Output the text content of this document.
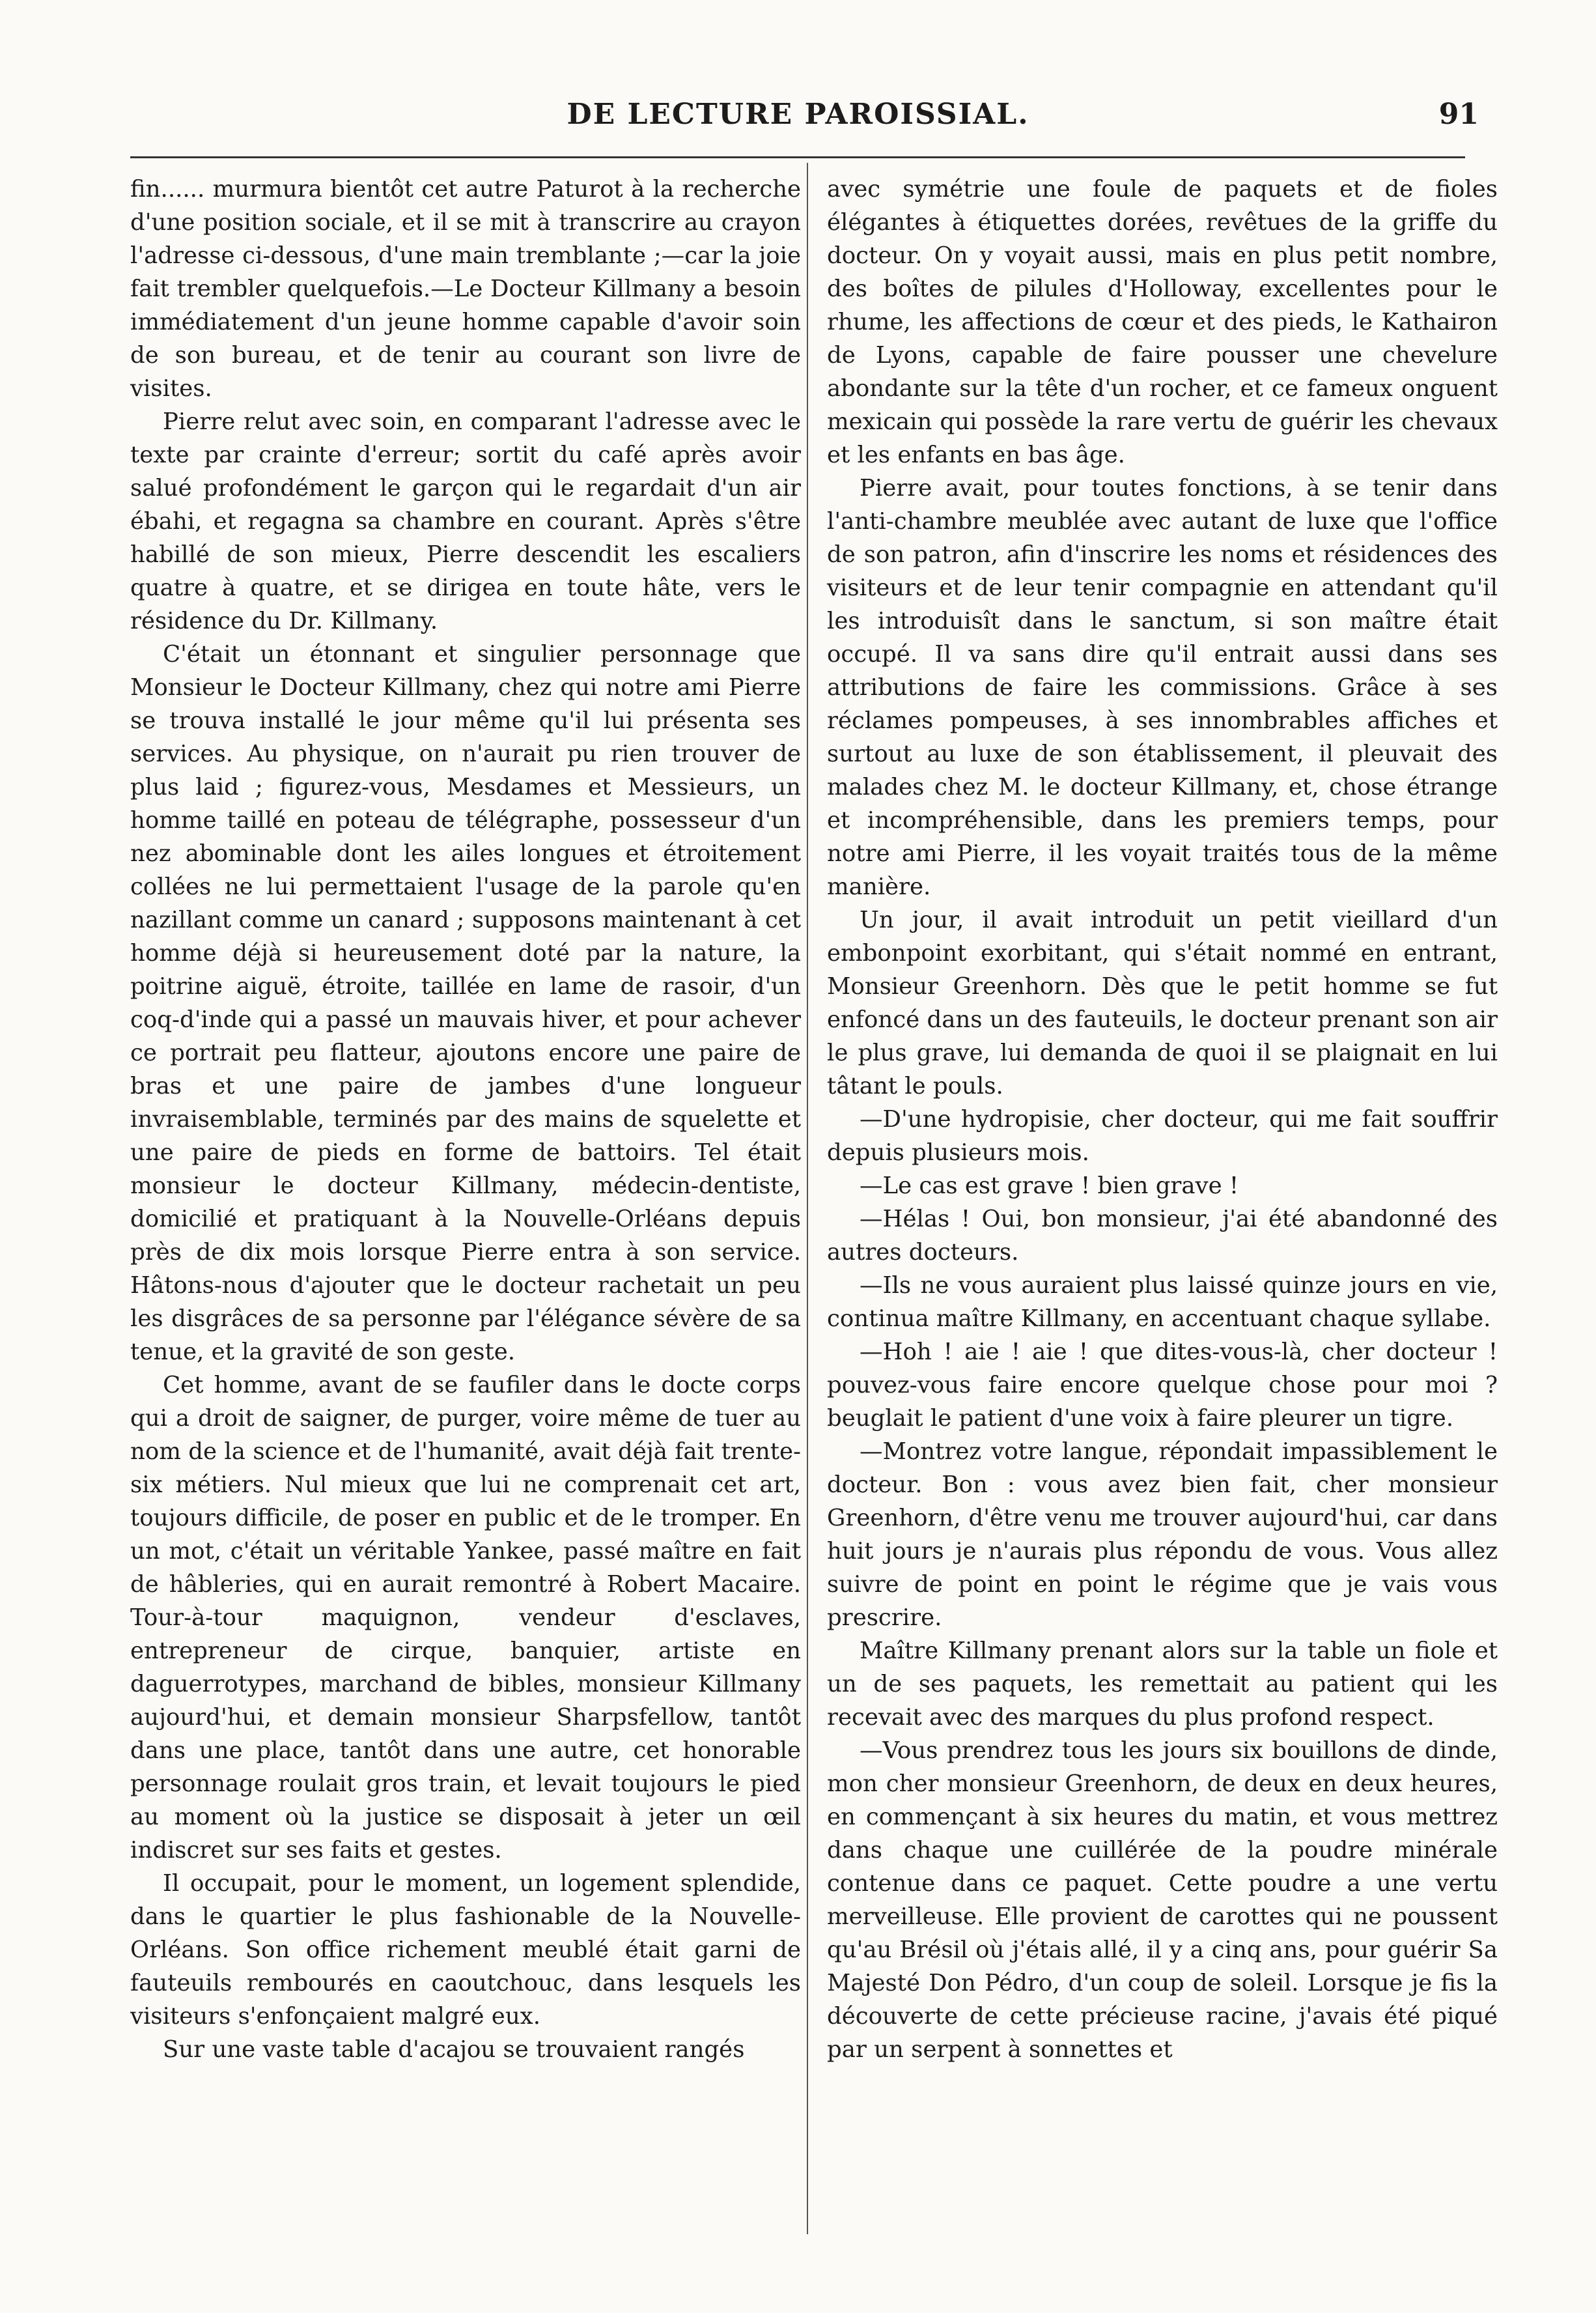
DE LECTURE PAROISSIAL.	91

fin...... murmura bientôt cet autre Paturot à la recherche d'une position sociale, et il se mit à transcrire au crayon l'adresse ci-dessous, d'une main tremblante ;—car la joie fait trembler quelquefois.—Le Docteur Killmany a besoin immédiatement d'un jeune homme capable d'avoir soin de son bureau, et de tenir au courant son livre de visites.

Pierre relut avec soin, en comparant l'adresse avec le texte par crainte d'erreur; sortit du café après avoir salué profondément le garçon qui le regardait d'un air ébahi, et regagna sa chambre en courant. Après s'être habillé de son mieux, Pierre descendit les escaliers quatre à quatre, et se dirigea en toute hâte, vers le résidence du Dr. Killmany.

C'était un étonnant et singulier personnage que Monsieur le Docteur Killmany, chez qui notre ami Pierre se trouva installé le jour même qu'il lui présenta ses services. Au physique, on n'aurait pu rien trouver de plus laid ; figurez-vous, Mesdames et Messieurs, un homme taillé en poteau de télégraphe, possesseur d'un nez abominable dont les ailes longues et étroitement collées ne lui permettaient l'usage de la parole qu'en nazillant comme un canard ; supposons maintenant à cet homme déjà si heureusement doté par la nature, la poitrine aiguë, étroite, taillée en lame de rasoir, d'un coq-d'inde qui a passé un mauvais hiver, et pour achever ce portrait peu flatteur, ajoutons encore une paire de bras et une paire de jambes d'une longueur invraisemblable, terminés par des mains de squelette et une paire de pieds en forme de battoirs. Tel était monsieur le docteur Killmany, médecin-dentiste, domicilié et pratiquant à la Nouvelle-Orléans depuis près de dix mois lorsque Pierre entra à son service. Hâtons-nous d'ajouter que le docteur rachetait un peu les disgrâces de sa personne par l'élégance sévère de sa tenue, et la gravité de son geste.

Cet homme, avant de se faufiler dans le docte corps qui a droit de saigner, de purger, voire même de tuer au nom de la science et de l'humanité, avait déjà fait trente-six métiers. Nul mieux que lui ne comprenait cet art, toujours difficile, de poser en public et de le tromper. En un mot, c'était un véritable Yankee, passé maître en fait de hâbleries, qui en aurait remontré à Robert Macaire. Tour-à-tour maquignon, vendeur d'esclaves, entrepreneur de cirque, banquier, artiste en daguerrotypes, marchand de bibles, monsieur Killmany aujourd'hui, et demain monsieur Sharpsfellow, tantôt dans une place, tantôt dans une autre, cet honorable personnage roulait gros train, et levait toujours le pied au moment où la justice se disposait à jeter un œil indiscret sur ses faits et gestes.

Il occupait, pour le moment, un logement splendide, dans le quartier le plus fashionable de la Nouvelle-Orléans. Son office richement meublé était garni de fauteuils rembourés en caoutchouc, dans lesquels les visiteurs s'enfonçaient malgré eux.

Sur une vaste table d'acajou se trouvaient rangés

avec symétrie une foule de paquets et de fioles élégantes à étiquettes dorées, revêtues de la griffe du docteur. On y voyait aussi, mais en plus petit nombre, des boîtes de pilules d'Holloway, excellentes pour le rhume, les affections de cœur et des pieds, le Kathairon de Lyons, capable de faire pousser une chevelure abondante sur la tête d'un rocher, et ce fameux onguent mexicain qui possède la rare vertu de guérir les chevaux et les enfants en bas âge.

Pierre avait, pour toutes fonctions, à se tenir dans l'anti-chambre meublée avec autant de luxe que l'office de son patron, afin d'inscrire les noms et résidences des visiteurs et de leur tenir compagnie en attendant qu'il les introduisît dans le sanctum, si son maître était occupé. Il va sans dire qu'il entrait aussi dans ses attributions de faire les commissions. Grâce à ses réclames pompeuses, à ses innombrables affiches et surtout au luxe de son établissement, il pleuvait des malades chez M. le docteur Killmany, et, chose étrange et incompréhensible, dans les premiers temps, pour notre ami Pierre, il les voyait traités tous de la même manière.

Un jour, il avait introduit un petit vieillard d'un embonpoint exorbitant, qui s'était nommé en entrant, Monsieur Greenhorn. Dès que le petit homme se fut enfoncé dans un des fauteuils, le docteur prenant son air le plus grave, lui demanda de quoi il se plaignait en lui tâtant le pouls.

—D'une hydropisie, cher docteur, qui me fait souffrir depuis plusieurs mois.

—Le cas est grave ! bien grave !

—Hélas ! Oui, bon monsieur, j'ai été abandonné des autres docteurs.

—Ils ne vous auraient plus laissé quinze jours en vie, continua maître Killmany, en accentuant chaque syllabe.

—Hoh ! aie ! aie ! que dites-vous-là, cher docteur ! pouvez-vous faire encore quelque chose pour moi ? beuglait le patient d'une voix à faire pleurer un tigre.

—Montrez votre langue, répondait impassiblement le docteur. Bon : vous avez bien fait, cher monsieur Greenhorn, d'être venu me trouver aujourd'hui, car dans huit jours je n'aurais plus répondu de vous. Vous allez suivre de point en point le régime que je vais vous prescrire.

Maître Killmany prenant alors sur la table un fiole et un de ses paquets, les remettait au patient qui les recevait avec des marques du plus profond respect.

—Vous prendrez tous les jours six bouillons de dinde, mon cher monsieur Greenhorn, de deux en deux heures, en commençant à six heures du matin, et vous mettrez dans chaque une cuillérée de la poudre minérale contenue dans ce paquet. Cette poudre a une vertu merveilleuse. Elle provient de carottes qui ne poussent qu'au Brésil où j'étais allé, il y a cinq ans, pour guérir Sa Majesté Don Pédro, d'un coup de soleil. Lorsque je fis la découverte de cette précieuse racine, j'avais été piqué par un serpent à sonnettes et
